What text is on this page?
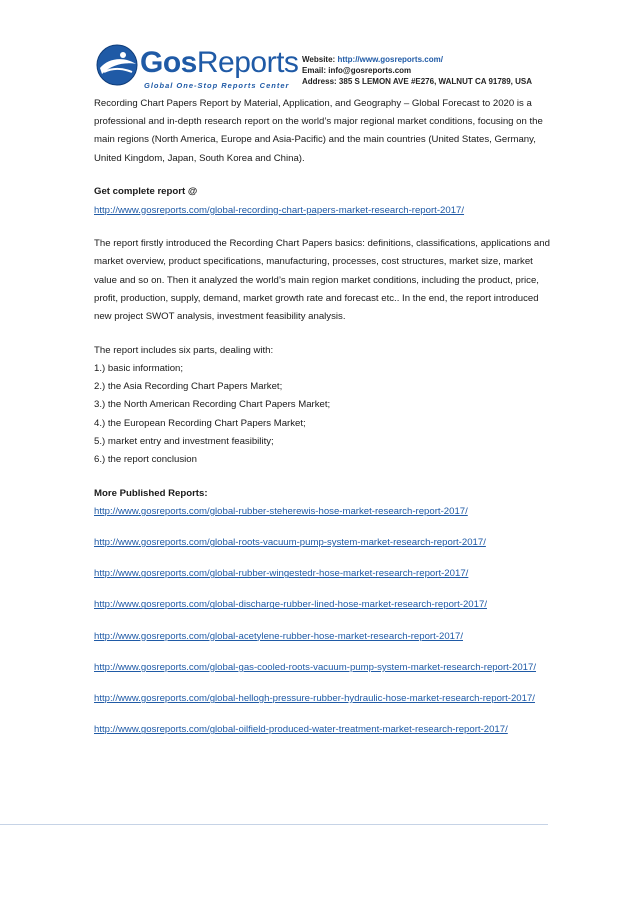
GosReports
Global One-Stop Reports Center
Website: http://www.gosreports.com/
Email: info@gosreports.com
Address: 385 S LEMON AVE #E276, WALNUT CA 91789, USA

Recording Chart Papers Report by Material, Application, and Geography – Global Forecast to 2020 is a professional and in-depth research report on the world’s major regional market conditions, focusing on the main regions (North America, Europe and Asia-Pacific) and the main countries (United States, Germany, United Kingdom, Japan, South Korea and China).

Get complete report @

http://www.gosreports.com/global-recording-chart-papers-market-research-report-2017/

The report firstly introduced the Recording Chart Papers basics: definitions, classifications, applications and market overview, product specifications, manufacturing, processes, cost structures, market size, market value and so on. Then it analyzed the world’s main region market conditions, including the product, price, profit, production, supply, demand, market growth rate and forecast etc.. In the end, the report introduced new project SWOT analysis, investment feasibility analysis.

The report includes six parts, dealing with:

1.) basic information;

2.) the Asia Recording Chart Papers Market;

3.) the North American Recording Chart Papers Market;

4.) the European Recording Chart Papers Market;

5.) market entry and investment feasibility;

6.) the report conclusion

More Published Reports:

http://www.gosreports.com/global-rubber-steherewis-hose-market-research-report-2017/

http://www.gosreports.com/global-roots-vacuum-pump-system-market-research-report-2017/

http://www.gosreports.com/global-rubber-wingestedr-hose-market-research-report-2017/

http://www.gosreports.com/global-discharge-rubber-lined-hose-market-research-report-2017/

http://www.gosreports.com/global-acetylene-rubber-hose-market-research-report-2017/

http://www.gosreports.com/global-gas-cooled-roots-vacuum-pump-system-market-research-report-2017/

http://www.gosreports.com/global-hellogh-pressure-rubber-hydraulic-hose-market-research-report-2017/

http://www.gosreports.com/global-oilfield-produced-water-treatment-market-research-report-2017/
